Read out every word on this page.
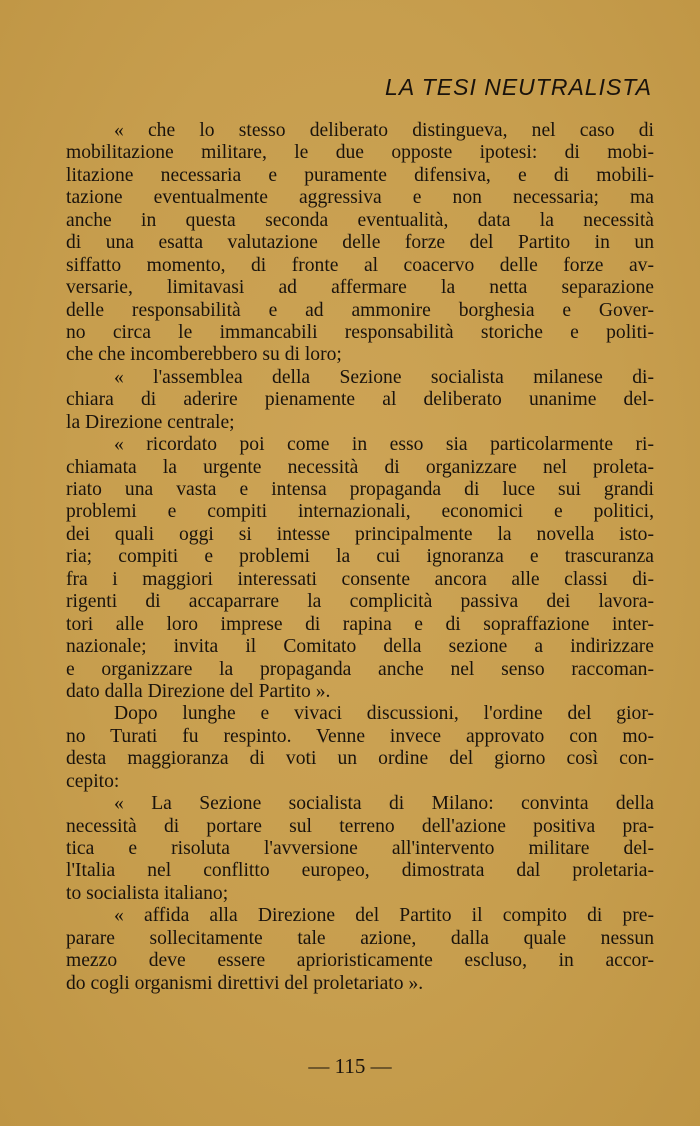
LA TESI NEUTRALISTA
« che lo stesso deliberato distingueva, nel caso di
mobilitazione militare, le due opposte ipotesi: di mobi-
litazione necessaria e puramente difensiva, e di mobili-
tazione eventualmente aggressiva e non necessaria; ma
anche in questa seconda eventualità, data la necessità
di una esatta valutazione delle forze del Partito in un
siffatto momento, di fronte al coacervo delle forze av-
versarie, limitavasi ad affermare la netta separazione
delle responsabilità e ad ammonire borghesia e Gover-
no circa le immancabili responsabilità storiche e politi-
che che incomberebbero su di loro;
« l'assemblea della Sezione socialista milanese di-
chiara di aderire pienamente al deliberato unanime del-
la Direzione centrale;
« ricordato poi come in esso sia particolarmente ri-
chiamata la urgente necessità di organizzare nel proleta-
riato una vasta e intensa propaganda di luce sui grandi
problemi e compiti internazionali, economici e politici,
dei quali oggi si intesse principalmente la novella isto-
ria; compiti e problemi la cui ignoranza e trascuranza
fra i maggiori interessati consente ancora alle classi di-
rigenti di accaparrare la complicità passiva dei lavora-
tori alle loro imprese di rapina e di sopraffazione inter-
nazionale; invita il Comitato della sezione a indirizzare
e organizzare la propaganda anche nel senso raccoman-
dato dalla Direzione del Partito ».
Dopo lunghe e vivaci discussioni, l'ordine del gior-
no Turati fu respinto. Venne invece approvato con mo-
desta maggioranza di voti un ordine del giorno così con-
cepito:
« La Sezione socialista di Milano: convinta della
necessità di portare sul terreno dell'azione positiva pra-
tica e risoluta l'avversione all'intervento militare del-
l'Italia nel conflitto europeo, dimostrata dal proletaria-
to socialista italiano;
« affida alla Direzione del Partito il compito di pre-
parare sollecitamente tale azione, dalla quale nessun
mezzo deve essere aprioristicamente escluso, in accor-
do cogli organismi direttivi del proletariato ».
— 115 —
